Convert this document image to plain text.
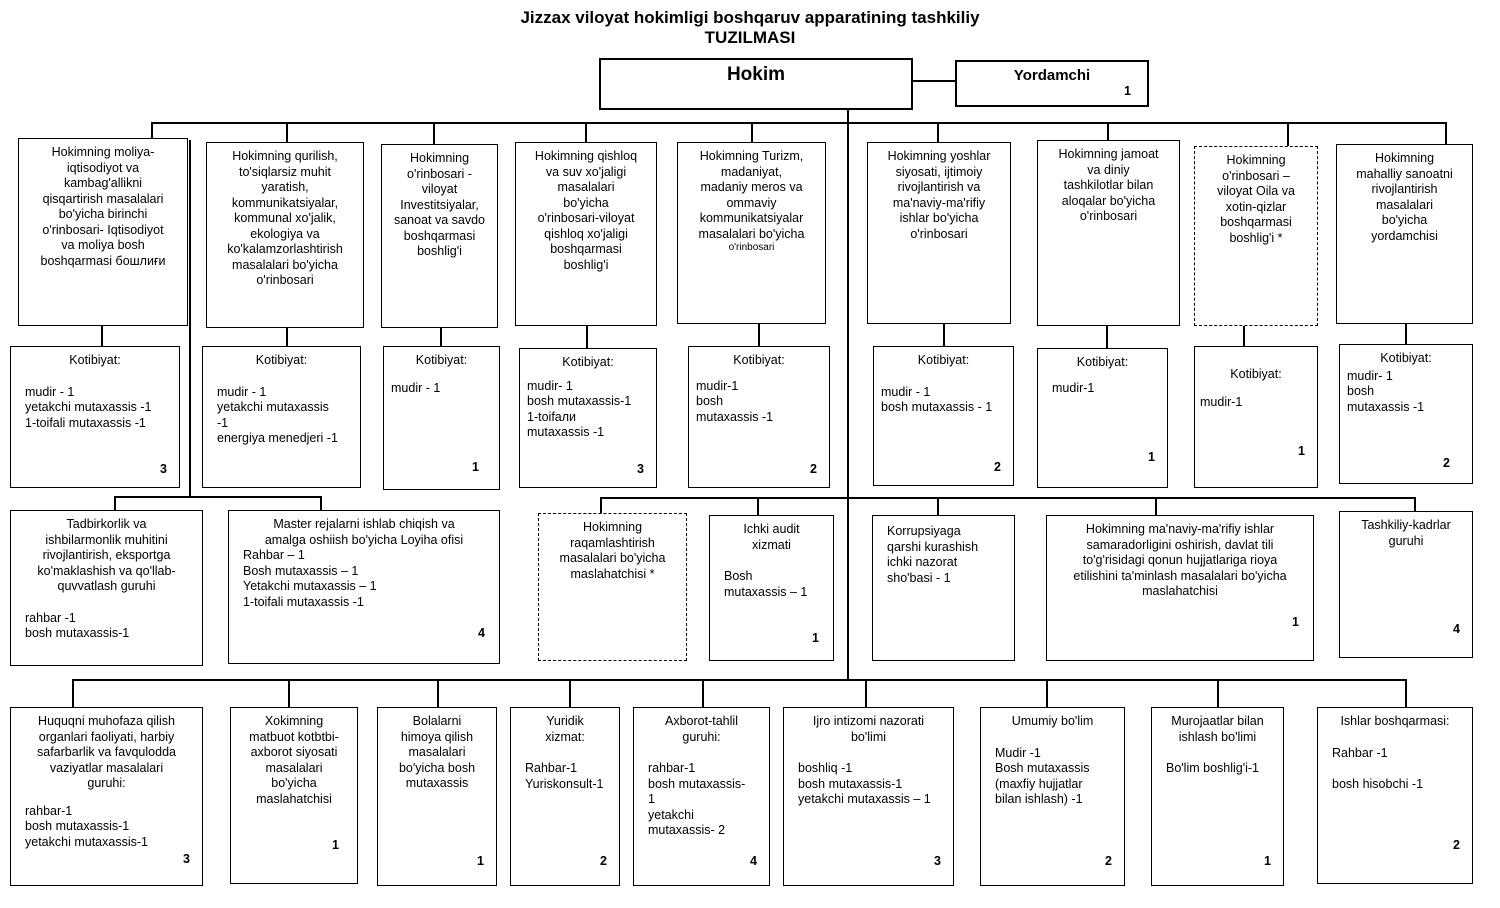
Jizzax viloyat hokimligi boshqaruv apparatining tashkiliy
TUZILMASI
Hokim	Yordamchi
1
Hokimning moliya-
iqtisodiyot va
kambag'allikni
qisqartirish masalalari
bo'yicha birinchi
o'rinbosari- Iqtisodiyot
va moliya bosh
boshqarmasi бошлиғи
Hokimning qurilish,
to'siqlarsiz muhit
yaratish,
kommunikatsiyalar,
kommunal xo'jalik,
ekologiya va
ko'kalamzorlashtirish
masalalari bo'yicha
o'rinbosari
Hokimning
o'rinbosari -
viloyat
Investitsiyalar,
sanoat va savdo
boshqarmasi
boshlig'i
Hokimning qishloq
va suv xo'jaligi
masalalari
bo'yicha
o'rinbosari-viloyat
qishloq xo'jaligi
boshqarmasi
boshlig'i
Hokimning Turizm,
madaniyat,
madaniy meros va
ommaviy
kommunikatsiyalar
masalalari bo'yicha
o'rinbosari
Hokimning yoshlar
siyosati, ijtimoiy
rivojlantirish va
ma'naviy-ma'rifiy
ishlar bo'yicha
o'rinbosari
Hokimning jamoat
va diniy
tashkilotlar bilan
aloqalar bo'yicha
o'rinbosari
Hokimning
o'rinbosari –
viloyat Oila va
xotin-qizlar
boshqarmasi
boshlig'i *
Hokimning
mahalliy sanoatni
rivojlantirish
masalalari
bo'yicha
yordamchisi
Kotibiyat:
mudir - 1
yetakchi mutaxassis -1
1-toifali mutaxassis -1
3
Kotibiyat:
mudir - 1
yetakchi mutaxassis
-1
energiya menedjeri -1
Kotibiyat:
mudir - 1
1
Kotibiyat:
mudir- 1
bosh mutaxassis-1
1-toifали
mutaxassis -1
3
Kotibiyat:
mudir-1
bosh
mutaxassis -1
2
Kotibiyat:
mudir - 1
bosh mutaxassis - 1
2
Kotibiyat:
mudir-1
1
Kotibiyat:
mudir-1
1
Kotibiyat:
mudir- 1
bosh
mutaxassis -1
2
Tadbirkorlik va
ishbilarmonlik muhitini
rivojlantirish, eksportga
ko'maklashish va qo'llab-
quvvatlash guruhi
rahbar -1
bosh mutaxassis-1
Master rejalarni ishlab chiqish va
amalga oshiish bo'yicha Loyiha ofisi
Rahbar – 1
Bosh mutaxassis – 1
Yetakchi mutaxassis – 1
1-toifali mutaxassis -1
4
Hokimning
raqamlashtirish
masalalari bo'yicha
maslahatchisi *
Ichki audit
xizmati
Bosh
mutaxassis – 1
1
Korrupsiyaga
qarshi kurashish
ichki nazorat
sho'basi - 1
Hokimning ma'naviy-ma'rifiy ishlar
samaradorligini oshirish, davlat tili
to'g'risidagi qonun hujjatlariga rioya
etilishini ta'minlash masalalari bo'yicha
maslahatchisi
1
Tashkiliy-kadrlar
guruhi
4
Huquqni muhofaza qilish
organlari faoliyati, harbiy
safarbarlik va favqulodda
vaziyatlar masalalari
guruhi:
rahbar-1
bosh mutaxassis-1
yetakchi mutaxassis-1
3
Xokimning
matbuot kotbtbi-
axborot siyosati
masalalari
bo'yicha
maslahatchisi
1
Bolalarni
himoya qilish
masalalari
bo'yicha bosh
mutaxassis
1
Yuridik
xizmat:
Rahbar-1
Yuriskonsult-1
2
Axborot-tahlil
guruhi:
rahbar-1
bosh mutaxassis-
1
yetakchi
mutaxassis- 2
4
Ijro intizomi nazorati
bo'limi
boshliq -1
bosh mutaxassis-1
yetakchi mutaxassis – 1
3
Umumiy bo'lim
Mudir -1
Bosh mutaxassis
(maxfiy hujjatlar
bilan ishlash) -1
2
Murojaatlar bilan
ishlash bo'limi
Bo'lim boshlig'i-1
1
Ishlar boshqarmasi:
Rahbar -1

bosh hisobchi -1
2
